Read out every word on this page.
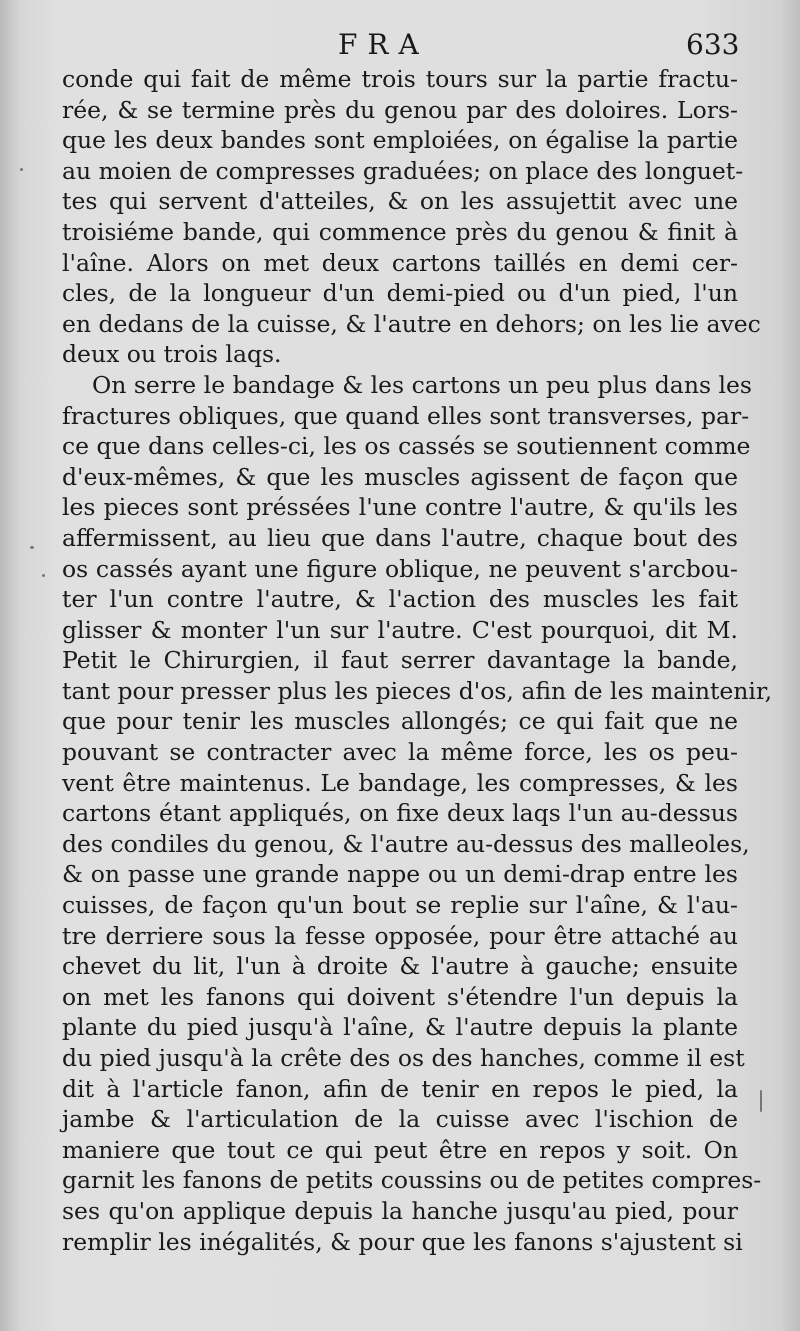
FRA	633
conde qui fait de même trois tours sur la partie fractu-
rée, & se termine près du genou par des doloires. Lors-
que les deux bandes sont emploiées, on égalise la partie
au moien de compresses graduées; on place des longuet-
tes qui servent d'atteiles, & on les assujettit avec une
troisiéme bande, qui commence près du genou & finit à
l'aîne. Alors on met deux cartons taillés en demi cer-
cles, de la longueur d'un demi-pied ou d'un pied, l'un
en dedans de la cuisse, & l'autre en dehors; on les lie avec
deux ou trois laqs.
On serre le bandage & les cartons un peu plus dans les
fractures obliques, que quand elles sont transverses, par-
ce que dans celles-ci, les os cassés se soutiennent comme
d'eux-mêmes, & que les muscles agissent de façon que
les pieces sont préssées l'une contre l'autre, & qu'ils les
affermissent, au lieu que dans l'autre, chaque bout des
os cassés ayant une figure oblique, ne peuvent s'arcbou-
ter l'un contre l'autre, & l'action des muscles les fait
glisser & monter l'un sur l'autre. C'est pourquoi, dit M.
Petit le Chirurgien, il faut serrer davantage la bande,
tant pour presser plus les pieces d'os, afin de les maintenir,
que pour tenir les muscles allongés; ce qui fait que ne
pouvant se contracter avec la même force, les os peu-
vent être maintenus. Le bandage, les compresses, & les
cartons étant appliqués, on fixe deux laqs l'un au-dessus
des condiles du genou, & l'autre au-dessus des malleoles,
& on passe une grande nappe ou un demi-drap entre les
cuisses, de façon qu'un bout se replie sur l'aîne, & l'au-
tre derriere sous la fesse opposée, pour être attaché au
chevet du lit, l'un à droite & l'autre à gauche; ensuite
on met les fanons qui doivent s'étendre l'un depuis la
plante du pied jusqu'à l'aîne, & l'autre depuis la plante
du pied jusqu'à la crête des os des hanches, comme il est
dit à l'article fanon, afin de tenir en repos le pied, la
jambe & l'articulation de la cuisse avec l'ischion de
maniere que tout ce qui peut être en repos y soit. On
garnit les fanons de petits coussins ou de petites compres-
ses qu'on applique depuis la hanche jusqu'au pied, pour
remplir les inégalités, & pour que les fanons s'ajustent si
